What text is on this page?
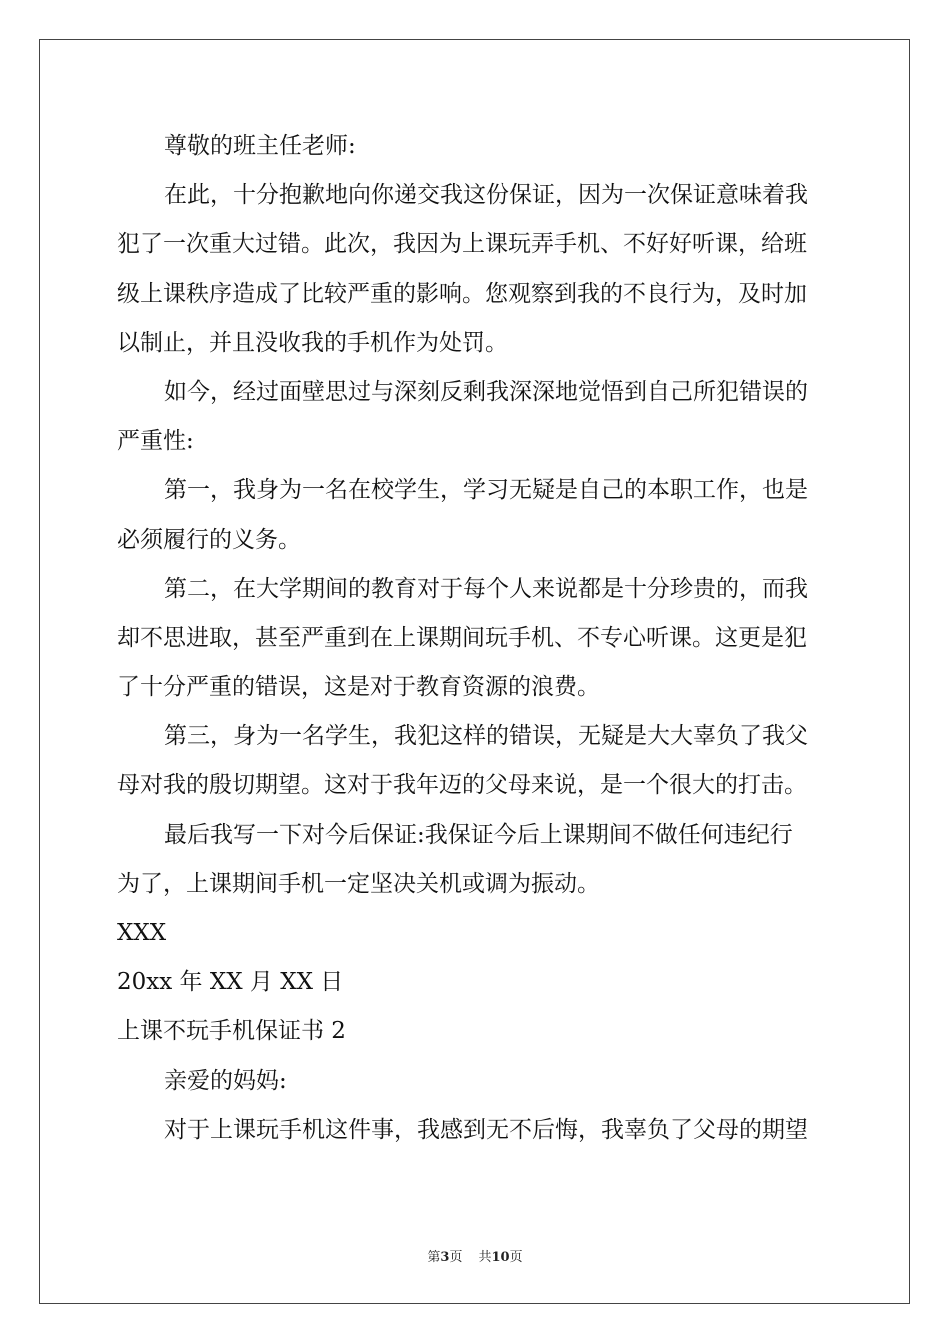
尊敬的班主任老师:
在此，十分抱歉地向你递交我这份保证，因为一次保证意味着我
犯了一次重大过错。此次，我因为上课玩弄手机、不好好听课，给班
级上课秩序造成了比较严重的影响。您观察到我的不良行为，及时加
以制止，并且没收我的手机作为处罚。
如今，经过面壁思过与深刻反剩我深深地觉悟到自己所犯错误的
严重性:
第一，我身为一名在校学生，学习无疑是自己的本职工作，也是
必须履行的义务。
第二，在大学期间的教育对于每个人来说都是十分珍贵的，而我
却不思进取，甚至严重到在上课期间玩手机、不专心听课。这更是犯
了十分严重的错误，这是对于教育资源的浪费。
第三，身为一名学生，我犯这样的错误，无疑是大大辜负了我父
母对我的殷切期望。这对于我年迈的父母来说，是一个很大的打击。
最后我写一下对今后保证:我保证今后上课期间不做任何违纪行
为了，上课期间手机一定坚决关机或调为振动。
XXX
20xx 年 XX 月 XX 日
上课不玩手机保证书 2
亲爱的妈妈:
对于上课玩手机这件事，我感到无不后悔，我辜负了父母的期望
第3页 共10页
